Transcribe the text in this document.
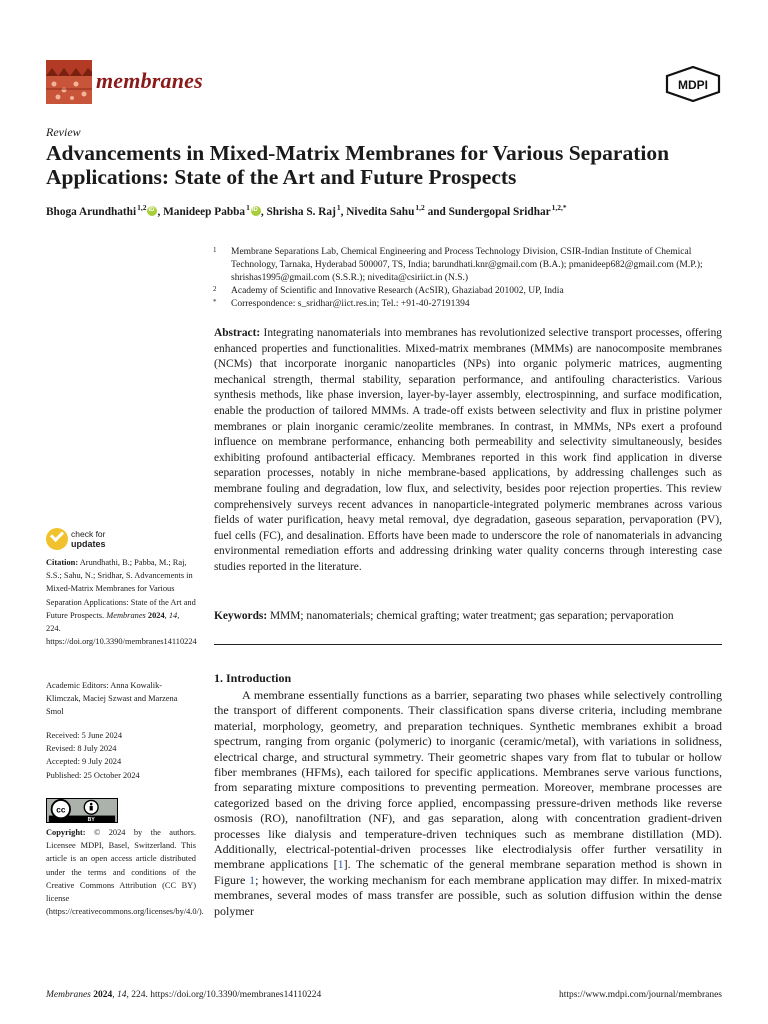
membranes	MDPI
Review
Advancements in Mixed-Matrix Membranes for Various Separation Applications: State of the Art and Future Prospects
Bhoga Arundhathi$^{1,2}$ iD , Manideep Pabba$^1$ iD , Shrisha S. Raj$^1$, Nivedita Sahu$^{1,2}$ and Sundergopal Sridhar$^{1,2,*}$
1 Membrane Separations Lab, Chemical Engineering and Process Technology Division, CSIR-Indian Institute of Chemical Technology, Tarnaka, Hyderabad 500007, TS, India; barundhati.knr@gmail.com (B.A.); pmanideep682@gmail.com (M.P.); shrishas1995@gmail.com (S.S.R.); nivedita@csiriict.in (N.S.)
2 Academy of Scientific and Innovative Research (AcSIR), Ghaziabad 201002, UP, India
* Correspondence: s_sridhar@iict.res.in; Tel.: +91-40-27191394
Abstract: Integrating nanomaterials into membranes has revolutionized selective transport processes, offering enhanced properties and functionalities. Mixed-matrix membranes (MMMs) are nanocomposite membranes (NCMs) that incorporate inorganic nanoparticles (NPs) into organic polymeric matrices, augmenting mechanical strength, thermal stability, separation performance, and antifouling characteristics. Various synthesis methods, like phase inversion, layer-by-layer assembly, electrospinning, and surface modification, enable the production of tailored MMMs. A trade-off exists between selectivity and flux in pristine polymer membranes or plain inorganic ceramic/zeolite membranes. In contrast, in MMMs, NPs exert a profound influence on membrane performance, enhancing both permeability and selectivity simultaneously, besides exhibiting profound antibacterial efficacy. Membranes reported in this work find application in diverse separation processes, notably in niche membrane-based applications, by addressing challenges such as membrane fouling and degradation, low flux, and selectivity, besides poor rejection properties. This review comprehensively surveys recent advances in nanoparticle-integrated polymeric membranes across various fields of water purification, heavy metal removal, dye degradation, gaseous separation, pervaporation (PV), fuel cells (FC), and desalination. Efforts have been made to underscore the role of nanomaterials in advancing environmental remediation efforts and addressing drinking water quality concerns through interesting case studies reported in the literature.
Keywords: MMM; nanomaterials; chemical grafting; water treatment; gas separation; pervaporation
1. Introduction

A membrane essentially functions as a barrier, separating two phases while selectively controlling the transport of different components. Their classification spans diverse criteria, including membrane material, morphology, geometry, and preparation techniques. Synthetic membranes exhibit a broad spectrum, ranging from organic (polymeric) to inorganic (ceramic/metal), with variations in solidness, electrical charge, and structural symmetry. Their geometric shapes vary from flat to tubular or hollow fiber membranes (HFMs), each tailored for specific applications. Membranes serve various functions, from separating mixture compositions to preventing permeation. Moreover, membrane processes are categorized based on the driving force applied, encompassing pressure-driven methods like reverse osmosis (RO), nanofiltration (NF), and gas separation, along with concentration gradient-driven processes like dialysis and temperature-driven techniques such as membrane distillation (MD). Additionally, electrical-potential-driven processes like electrodialysis offer further versatility in membrane applications [1]. The schematic of the general membrane separation method is shown in Figure 1; however, the working mechanism for each membrane application may differ. In mixed-matrix membranes, several modes of mass transfer are possible, such as solution diffusion within the dense polymer

check for
updates
Citation: Arundhathi, B.; Pabba, M.; Raj, S.S.; Sahu, N.; Sridhar, S. Advancements in Mixed-Matrix Membranes for Various Separation Applications: State of the Art and Future Prospects. Membranes 2024, 14, 224. https://doi.org/10.3390/membranes14110224
Academic Editors: Anna Kowalik-Klimczak, Maciej Szwast and Marzena Smol
Received: 5 June 2024
Revised: 8 July 2024
Accepted: 9 July 2024
Published: 25 October 2024
cc
BY
Copyright: © 2024 by the authors. Licensee MDPI, Basel, Switzerland. This article is an open access article distributed under the terms and conditions of the Creative Commons Attribution (CC BY) license (https://creativecommons.org/licenses/by/4.0/).
Membranes 2024, 14, 224. https://doi.org/10.3390/membranes14110224	https://www.mdpi.com/journal/membranes
